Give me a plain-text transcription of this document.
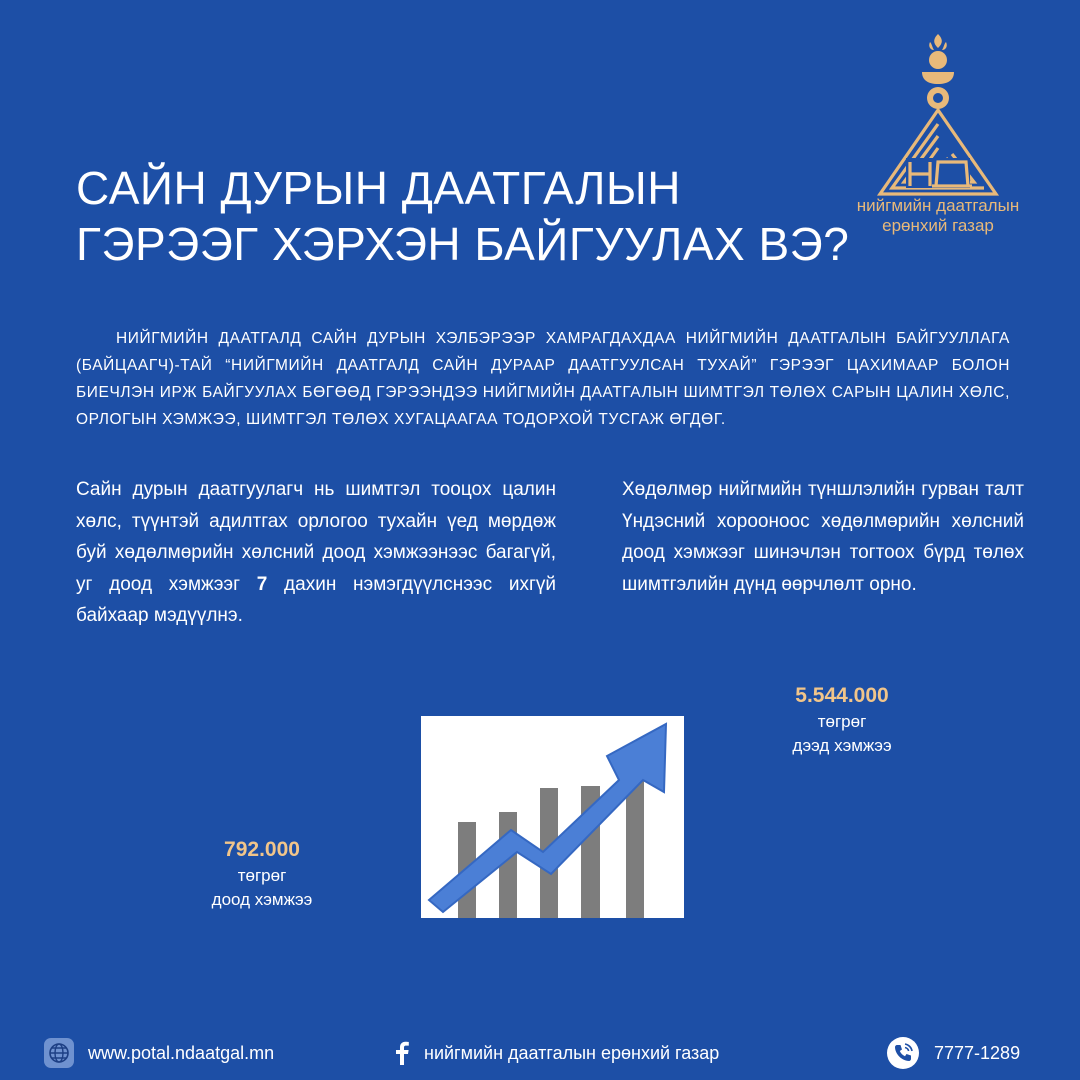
САЙН ДУРЫН ДААТГАЛЫН
ГЭРЭЭГ ХЭРХЭН БАЙГУУЛАХ ВЭ?
нийгмийн даатгалын
ерөнхий газар

НИЙГМИЙН ДААТГАЛД САЙН ДУРЫН ХЭЛБЭРЭЭР ХАМРАГДАХДАА НИЙГМИЙН ДААТГАЛЫН БАЙГУУЛЛАГА (БАЙЦААГЧ)-ТАЙ “НИЙГМИЙН ДААТГАЛД САЙН ДУРААР ДААТГУУЛСАН ТУХАЙ” ГЭРЭЭГ ЦАХИМААР БОЛОН БИЕЧЛЭН ИРЖ БАЙГУУЛАХ БӨГӨӨД ГЭРЭЭНДЭЭ НИЙГМИЙН ДААТГАЛЫН ШИМТГЭЛ ТӨЛӨХ САРЫН ЦАЛИН ХӨЛС, ОРЛОГЫН ХЭМЖЭЭ, ШИМТГЭЛ ТӨЛӨХ ХУГАЦААГАА ТОДОРХОЙ ТУСГАЖ ӨГДӨГ.

Сайн дурын даатгуулагч нь шимтгэл тооцох цалин хөлс, түүнтэй адилтгах орлогоо тухайн үед мөрдөж буй хөдөлмөрийн хөлсний доод хэмжээнээс багагүй, уг доод хэмжээг 7 дахин нэмэгдүүлснээс ихгүй байхаар мэдүүлнэ.

Хөдөлмөр нийгмийн түншлэлийн гурван талт Үндэсний хорооноос хөдөлмөрийн хөлсний доод хэмжээг шинэчлэн тогтоох бүрд төлөх шимтгэлийн дүнд өөрчлөлт орно.

5.544.000
төгрөг
дээд хэмжээ
792.000
төгрөг
доод хэмжээ
www.potal.ndaatgal.mn	нийгмийн даатгалын ерөнхий газар	7777-1289
